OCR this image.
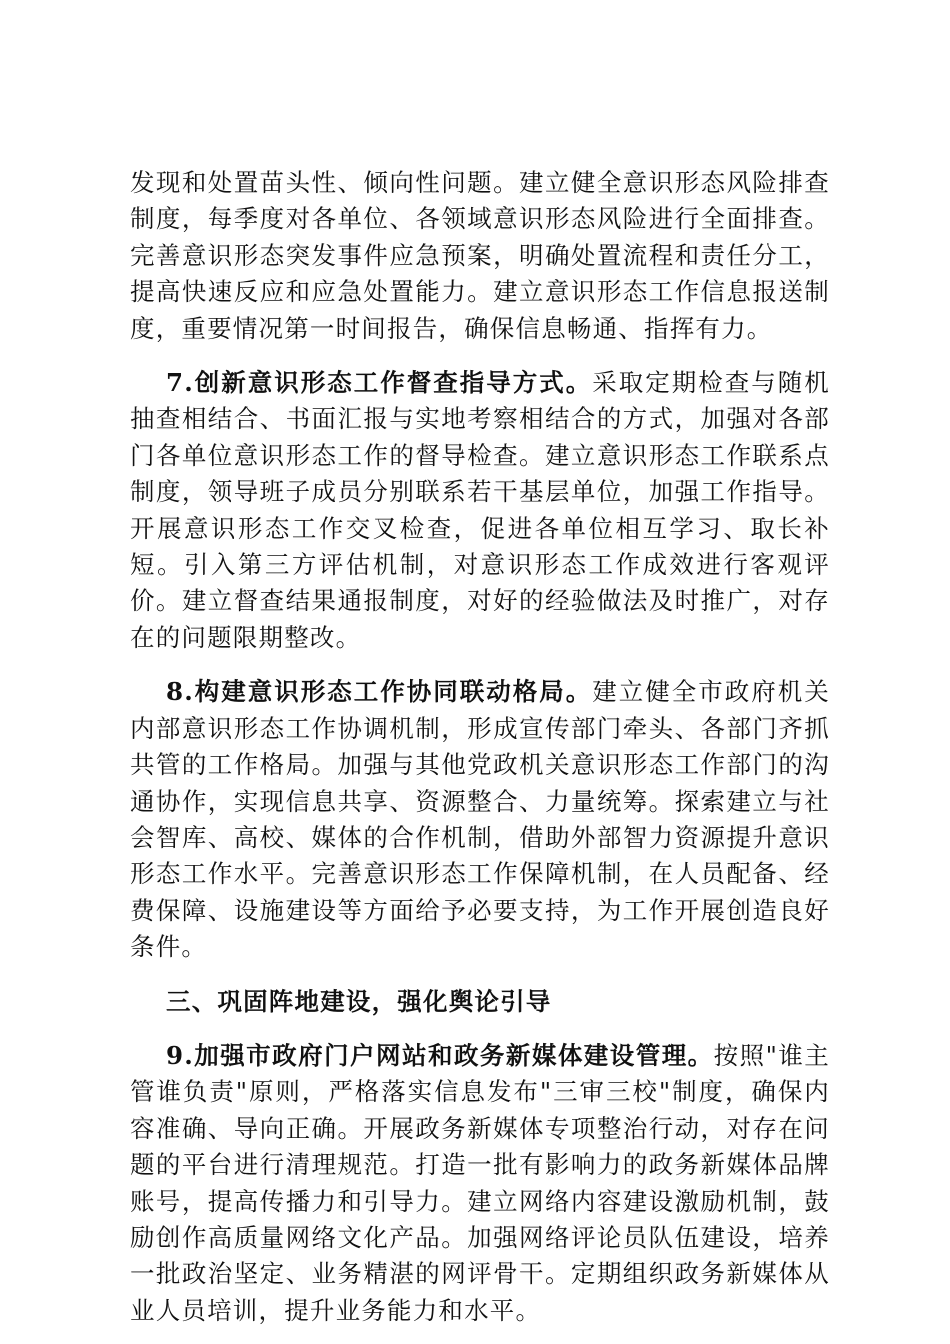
发现和处置苗头性、倾向性问题。建立健全意识形态风险排查制度，每季度对各单位、各领域意识形态风险进行全面排查。完善意识形态突发事件应急预案，明确处置流程和责任分工，提高快速反应和应急处置能力。建立意识形态工作信息报送制度，重要情况第一时间报告，确保信息畅通、指挥有力。

7.创新意识形态工作督查指导方式。采取定期检查与随机抽查相结合、书面汇报与实地考察相结合的方式，加强对各部门各单位意识形态工作的督导检查。建立意识形态工作联系点制度，领导班子成员分别联系若干基层单位，加强工作指导。开展意识形态工作交叉检查，促进各单位相互学习、取长补短。引入第三方评估机制，对意识形态工作成效进行客观评价。建立督查结果通报制度，对好的经验做法及时推广，对存在的问题限期整改。

8.构建意识形态工作协同联动格局。建立健全市政府机关内部意识形态工作协调机制，形成宣传部门牵头、各部门齐抓共管的工作格局。加强与其他党政机关意识形态工作部门的沟通协作，实现信息共享、资源整合、力量统筹。探索建立与社会智库、高校、媒体的合作机制，借助外部智力资源提升意识形态工作水平。完善意识形态工作保障机制，在人员配备、经费保障、设施建设等方面给予必要支持，为工作开展创造良好条件。

三、巩固阵地建设，强化舆论引导

9.加强市政府门户网站和政务新媒体建设管理。按照"谁主管谁负责"原则，严格落实信息发布"三审三校"制度，确保内容准确、导向正确。开展政务新媒体专项整治行动，对存在问题的平台进行清理规范。打造一批有影响力的政务新媒体品牌账号，提高传播力和引导力。建立网络内容建设激励机制，鼓励创作高质量网络文化产品。加强网络评论员队伍建设，培养一批政治坚定、业务精湛的网评骨干。定期组织政务新媒体从业人员培训，提升业务能力和水平。
